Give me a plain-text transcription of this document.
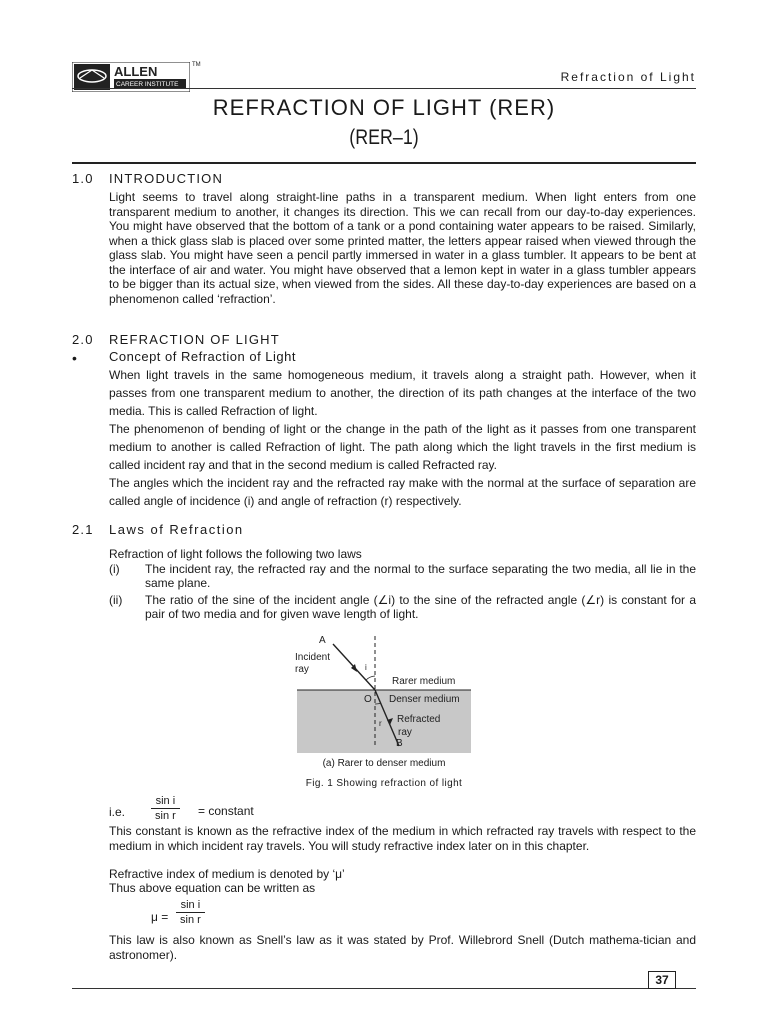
ALLEN
CAREER INSTITUTE
TM
Refraction of Light
REFRACTION OF LIGHT (RER)
(RER–1)
1.0 INTRODUCTION
Light seems to travel along straight-line paths in a transparent medium. When light enters from one transparent medium to another, it changes its direction. This we can recall from our day-to-day experiences. You might have observed that the bottom of a tank or a pond containing water appears to be raised. Similarly, when a thick glass slab is placed over some printed matter, the letters appear raised when viewed through the glass slab. You might have seen a pencil partly immersed in water in a glass tumbler. It appears to be bent at the interface of air and water. You might have observed that a lemon kept in water in a glass tumbler appears to be bigger than its actual size, when viewed from the sides. All these day-to-day experiences are based on a phenomenon called ‘refraction’.
2.0 REFRACTION OF LIGHT
• Concept of Refraction of Light
When light travels in the same homogeneous medium, it travels along a straight path. However, when it passes from one transparent medium to another, the direction of its path changes at the interface of the two media. This is called Refraction of light.
The phenomenon of bending of light or the change in the path of the light as it passes from one transparent medium to another is called Refraction of light. The path along which the light travels in the first medium is called incident ray and that in the second medium is called Refracted ray.
The angles which the incident ray and the refracted ray make with the normal at the surface of separation are called angle of incidence (i) and angle of refraction (r) respectively.
2.1 Laws of Refraction
Refraction of light follows the following two laws
(i) The incident ray, the refracted ray and the normal to the surface separating the two media, all lie in the same plane.
(ii) The ratio of the sine of the incident angle (∠i) to the sine of the refracted angle (∠r) is constant for a pair of two media and for given wave length of light.
A
Incident
ray	i
Rarer medium
O Denser medium
r Refracted
ray
B
(a) Rarer to denser medium
Fig. 1 Showing refraction of light
i.e. $\frac{\text{sin i}}{\text{sin r}}$ = constant
This constant is known as the refractive index of the medium in which refracted ray travels with respect to the medium in which incident ray travels. You will study refractive index later on in this chapter.
Refractive index of medium is denoted by ‘μ’
Thus above equation can be written as
$\mu = \frac{\text{sin i}}{\text{sin r}}$
This law is also known as Snell’s law as it was stated by Prof. Willebrord Snell (Dutch mathema-tician and astronomer).
37
